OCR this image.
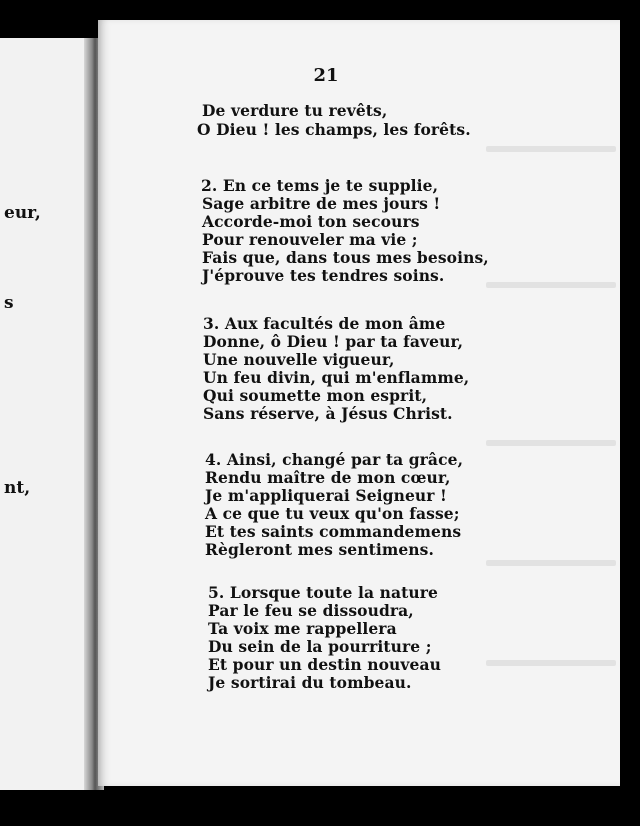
eur,
s
nt,
21
De verdure tu revêts,
O Dieu ! les champs, les forêts.
2. En ce tems je te supplie,
Sage arbitre de mes jours !
Accorde-moi ton secours
Pour renouveler ma vie ;
Fais que, dans tous mes besoins,
J'éprouve tes tendres soins.
3. Aux facultés de mon âme
Donne, ô Dieu ! par ta faveur,
Une nouvelle vigueur,
Un feu divin, qui m'enflamme,
Qui soumette mon esprit,
Sans réserve, à Jésus Christ.
4. Ainsi, changé par ta grâce,
Rendu maître de mon cœur,
Je m'appliquerai Seigneur !
A ce que tu veux qu'on fasse;
Et tes saints commandemens
Règleront mes sentimens.
5. Lorsque toute la nature
Par le feu se dissoudra,
Ta voix me rappellera
Du sein de la pourriture ;
Et pour un destin nouveau
Je sortirai du tombeau.
